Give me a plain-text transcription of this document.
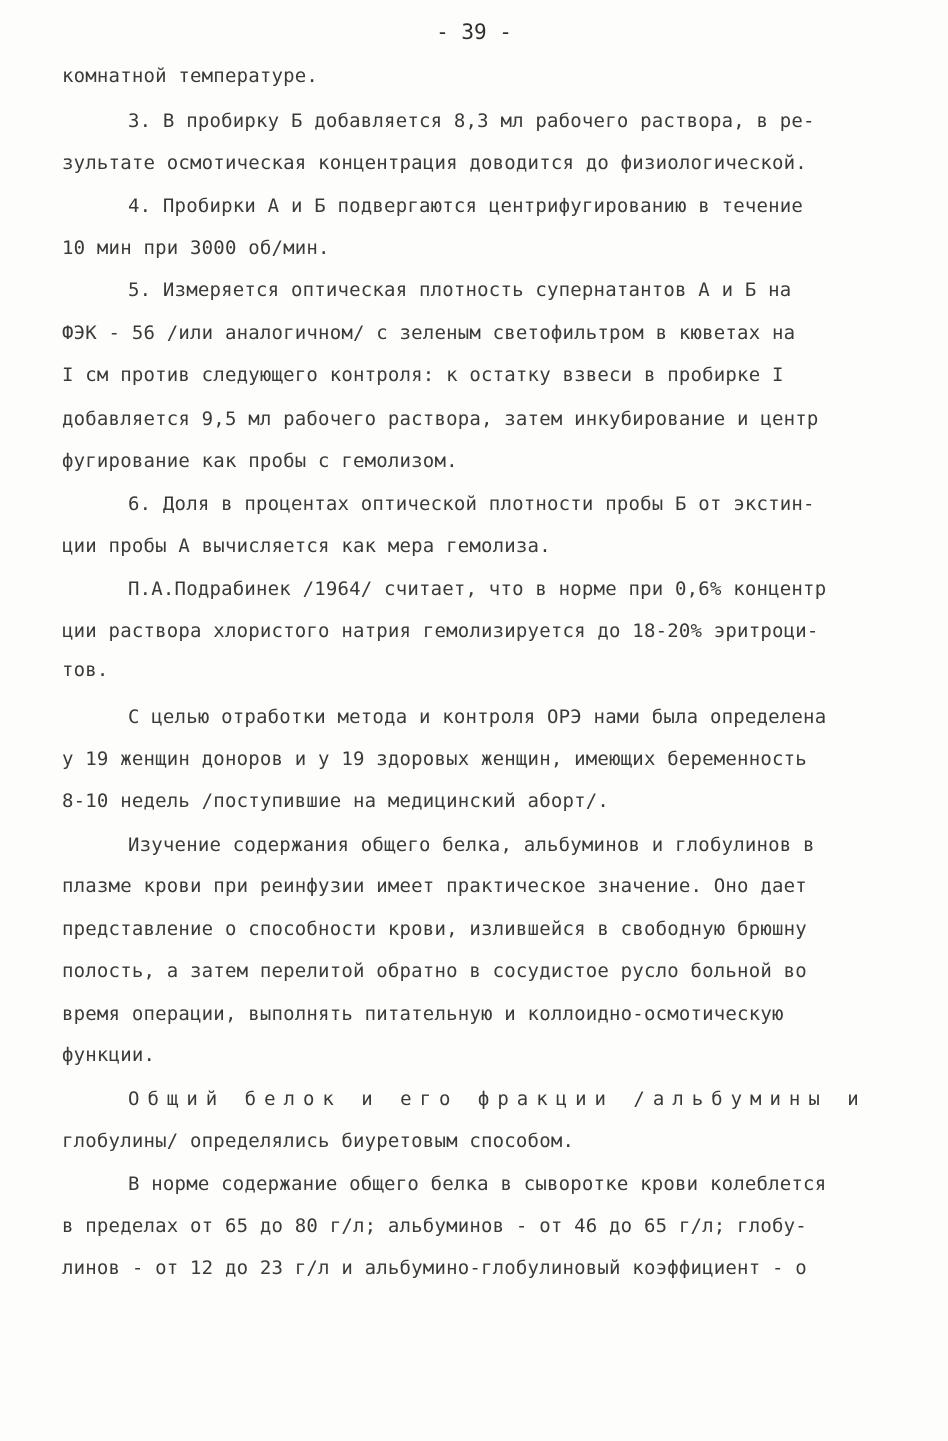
- 39 -
комнатной температуре.
3. В пробирку Б добавляется 8,3 мл рабочего раствора, в ре-
зультате осмотическая концентрация доводится до физиологической.
4. Пробирки А и Б подвергаются центрифугированию в течение
10 мин при 3000 об/мин.
5. Измеряется оптическая плотность супернатантов А и Б на
ФЭК - 56 /или аналогичном/ с зеленым светофильтром в кюветах на
I см против следующего контроля: к остатку взвеси в пробирке I
добавляется 9,5 мл рабочего раствора, затем инкубирование и центр
фугирование как пробы с гемолизом.
6. Доля в процентах оптической плотности пробы Б от экстин-
ции пробы А вычисляется как мера гемолиза.
П.А.Подрабинек /1964/ считает, что в норме при 0,6% концентр
ции раствора хлористого натрия гемолизируется до 18-20% эритроци-
тов.
С целью отработки метода и контроля ОРЭ нами была определена
у 19 женщин доноров и у 19 здоровых женщин, имеющих беременность
8-10 недель /поступившие на медицинский аборт/.
Изучение содержания общего белка, альбуминов и глобулинов в
плазме крови при реинфузии имеет практическое значение. Оно дает
представление о способности крови, излившейся в свободную брюшну
полость, а затем перелитой обратно в сосудистое русло больной во
время операции, выполнять питательную и коллоидно-осмотическую
функции.
Общий белок и его фракции /альбумины и
глобулины/ определялись биуретовым способом.
В норме содержание общего белка в сыворотке крови колеблется
в пределах от 65 до 80 г/л; альбуминов - от 46 до 65 г/л; глобу-
линов - от 12 до 23 г/л и альбумино-глобулиновый коэффициент - о
